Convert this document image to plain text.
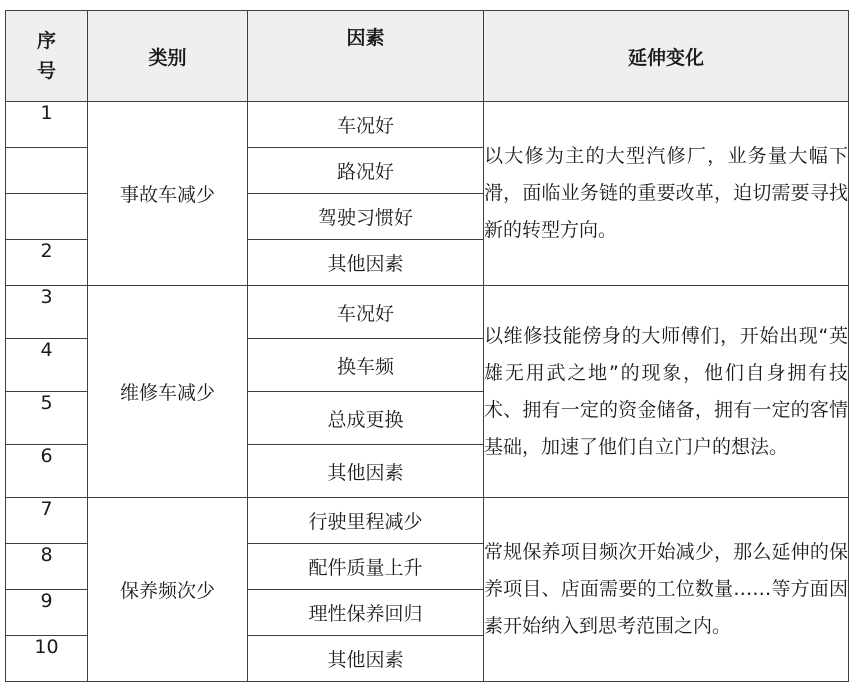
序号	类别	因素	延伸变化
1	事故车减少	车况好	以大修为主的大型汽修厂，业务量大幅下滑，面临业务链的重要改革，迫切需要寻找新的转型方向。
		路况好	
		驾驶习惯好	
2		其他因素	
3	维修车减少	车况好	以维修技能傍身的大师傅们，开始出现“英雄无用武之地”的现象，他们自身拥有技术、拥有一定的资金储备，拥有一定的客情基础，加速了他们自立门户的想法。
4		换车频	
5		总成更换	
6		其他因素	
7	保养频次少	行驶里程减少	常规保养项目频次开始减少，那么延伸的保养项目、店面需要的工位数量……等方面因素开始纳入到思考范围之内。
8		配件质量上升	
9		理性保养回归	
10		其他因素	
